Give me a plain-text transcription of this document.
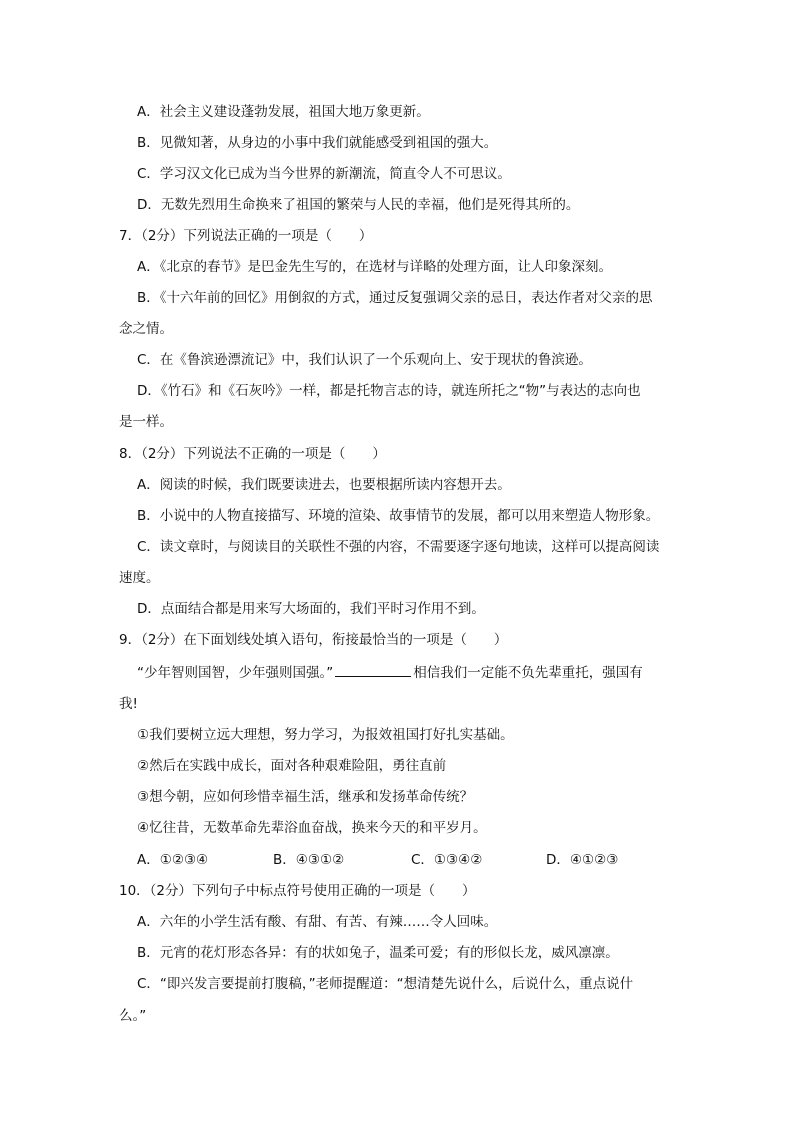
A．社会主义建设蓬勃发展，祖国大地万象更新。
B．见微知著，从身边的小事中我们就能感受到祖国的强大。
C．学习汉文化已成为当今世界的新潮流，简直令人不可思议。
D．无数先烈用生命换来了祖国的繁荣与人民的幸福，他们是死得其所的。
7．（2分）下列说法正确的一项是（　　）
A．《北京的春节》是巴金先生写的，在选材与详略的处理方面，让人印象深刻。
B．《十六年前的回忆》用倒叙的方式，通过反复强调父亲的忌日，表达作者对父亲的思
念之情。
C．在《鲁滨逊漂流记》中，我们认识了一个乐观向上、安于现状的鲁滨逊。
D．《竹石》和《石灰吟》一样，都是托物言志的诗，就连所托之“物”与表达的志向也
是一样。
8．（2分）下列说法不正确的一项是（　　）
A．阅读的时候，我们既要读进去，也要根据所读内容想开去。
B．小说中的人物直接描写、环境的渲染、故事情节的发展，都可以用来塑造人物形象。
C．读文章时，与阅读目的关联性不强的内容，不需要逐字逐句地读，这样可以提高阅读
速度。
D．点面结合都是用来写大场面的，我们平时习作用不到。
9．（2分）在下面划线处填入语句，衔接最恰当的一项是（　　）
“少年智则国智，少年强则国强。”	相信我们一定能不负先辈重托，强国有
我!
①我们要树立远大理想，努力学习，为报效祖国打好扎实基础。
②然后在实践中成长，面对各种艰难险阻，勇往直前
③想今朝，应如何珍惜幸福生活，继承和发扬革命传统？
④忆往昔，无数革命先辈浴血奋战，换来今天的和平岁月。
A．①②③④	B．④③①②	C．①③④②	D．④①②③
10．（2分）下列句子中标点符号使用正确的一项是（　　）
A．六年的小学生活有酸、有甜、有苦、有辣……令人回味。
B．元宵的花灯形态各异：有的状如兔子，温柔可爱；有的形似长龙，威风凛凛。
C．“即兴发言要提前打腹稿，”老师提醒道：“想清楚先说什么，后说什么，重点说什
么。”
